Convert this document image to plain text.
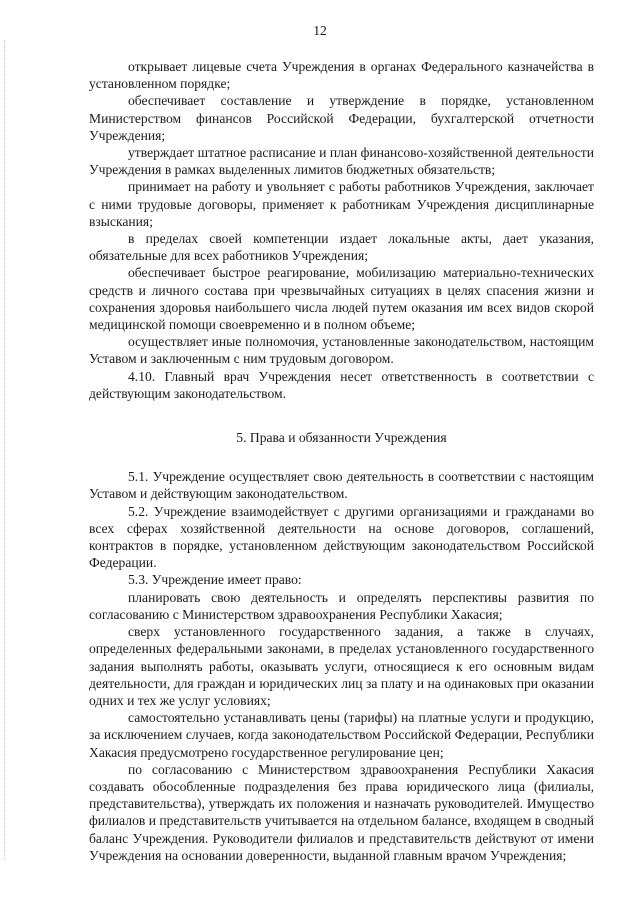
12

открывает лицевые счета Учреждения в органах Федерального казначейства в установленном порядке;

обеспечивает составление и утверждение в порядке, установленном Министерством финансов Российской Федерации, бухгалтерской отчетности Учреждения;

утверждает штатное расписание и план финансово-хозяйственной деятельности Учреждения в рамках выделенных лимитов бюджетных обязательств;

принимает на работу и увольняет с работы работников Учреждения, заключает с ними трудовые договоры, применяет к работникам Учреждения дисциплинарные взыскания;

в пределах своей компетенции издает локальные акты, дает указания, обязательные для всех работников Учреждения;

обеспечивает быстрое реагирование, мобилизацию материально-технических средств и личного состава при чрезвычайных ситуациях в целях спасения жизни и сохранения здоровья наибольшего числа людей путем оказания им всех видов скорой медицинской помощи своевременно и в полном объеме;

осуществляет иные полномочия, установленные законодательством, настоящим Уставом и заключенным с ним трудовым договором.

4.10. Главный врач Учреждения несет ответственность в соответствии с действующим законодательством.

5. Права и обязанности Учреждения

5.1. Учреждение осуществляет свою деятельность в соответствии с настоящим Уставом и действующим законодательством.

5.2. Учреждение взаимодействует с другими организациями и гражданами во всех сферах хозяйственной деятельности на основе договоров, соглашений, контрактов в порядке, установленном действующим законодательством Российской Федерации.

5.3. Учреждение имеет право:

планировать свою деятельность и определять перспективы развития по согласованию с Министерством здравоохранения Республики Хакасия;

сверх установленного государственного задания, а также в случаях, определенных федеральными законами, в пределах установленного государственного задания выполнять работы, оказывать услуги, относящиеся к его основным видам деятельности, для граждан и юридических лиц за плату и на одинаковых при оказании одних и тех же услуг условиях;

самостоятельно устанавливать цены (тарифы) на платные услуги и продукцию, за исключением случаев, когда законодательством Российской Федерации, Республики Хакасия предусмотрено государственное регулирование цен;

по согласованию с Министерством здравоохранения Республики Хакасия создавать обособленные подразделения без права юридического лица (филиалы, представительства), утверждать их положения и назначать руководителей. Имущество филиалов и представительств учитывается на отдельном балансе, входящем в сводный баланс Учреждения. Руководители филиалов и представительств действуют от имени Учреждения на основании доверенности, выданной главным врачом Учреждения;
